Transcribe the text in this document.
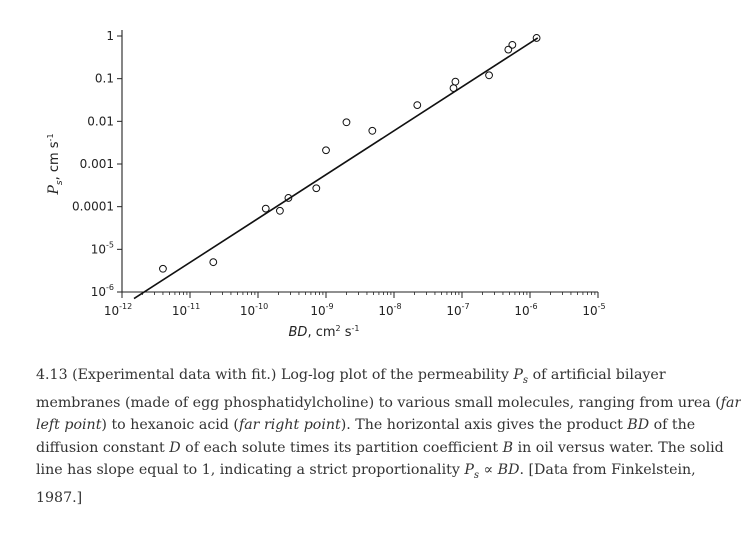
$10^{-12}$	$10^{-11}$	$10^{-10}$	$10^{-9}$	$10^{-8}$	$10^{-7}$	$10^{-6}$	$10^{-5}$
$10^{-6}$
$10^{-5}$
0.0001
0.001
0.01
0.1
1
BD, $cm^2$ $s^{-1}$
$P_s$, cm $s^{-1}$
4.13 (Experimental data with fit.) Log-log plot of the permeability $P_s$ of artificial bilayer
membranes (made of egg phosphatidylcholine) to various small molecules, ranging from urea (far
left point) to hexanoic acid (far right point). The horizontal axis gives the product BD of the
diffusion constant D of each solute times its partition coefficient B in oil versus water. The solid
line has slope equal to 1, indicating a strict proportionality $P_s$ ∝ BD. [Data from Finkelstein,
1987.]
